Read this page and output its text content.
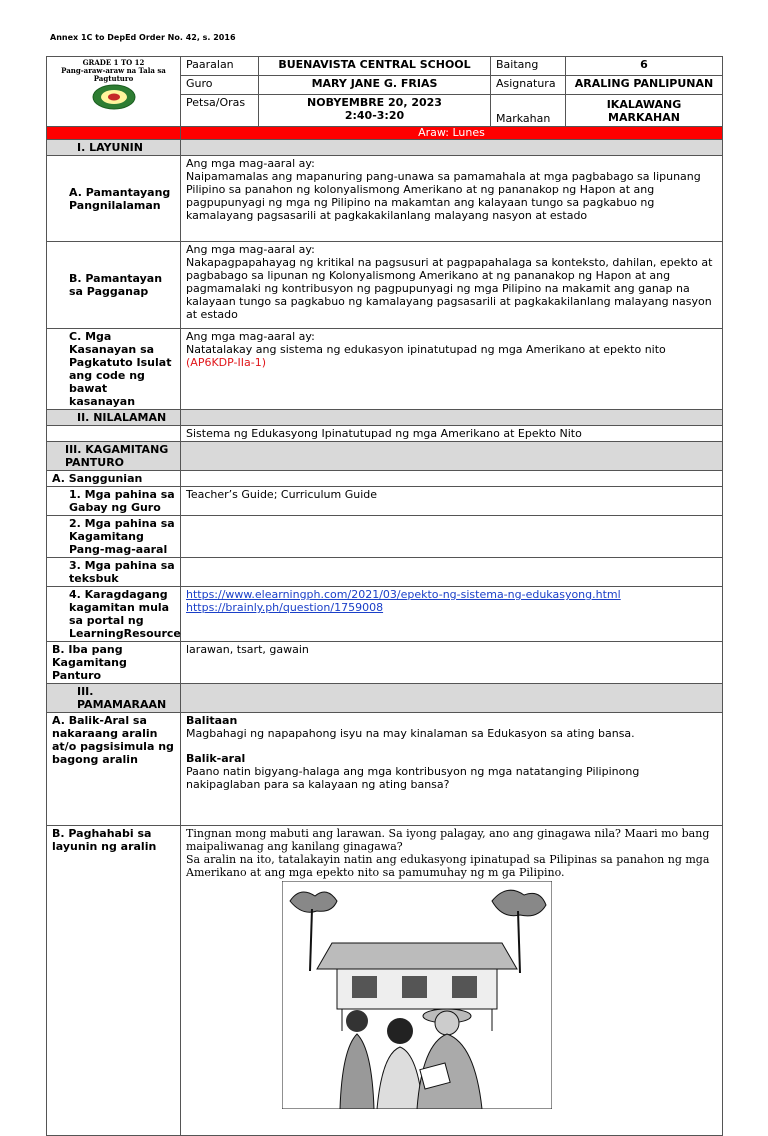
Annex 1C to DepEd Order No. 42, s. 2016
GRADE 1 TO 12
Pang-araw-araw na Tala sa
Pagtuturo	Paaralan	BUENAVISTA CENTRAL SCHOOL	Baitang	6
	Guro	MARY JANE G. FRIAS	Asignatura	ARALING PANLIPUNAN
	Petsa/Oras	NOBYEMBRE 20, 2023
2:40-3:20	Markahan	IKALAWANG MARKAHAN
	Araw: Lunes			
I. LAYUNIN				
A. Pamantayang Pangnilalaman	Ang mga mag-aaral ay:
Naipamamalas ang mapanuring pang-unawa sa pamamahala at mga pagbabago sa lipunang Pilipino sa panahon ng kolonyalismong Amerikano at ng pananakop ng Hapon at ang pagpupunyagi ng mga ng Pilipino na makamtan ang kalayaan tungo sa pagkabuo ng kamalayang pagsasarili at pagkakakilanlang malayang nasyon at estado			

B. Pamantayan sa Pagganap	Ang mga mag-aaral ay:
Nakapagpapahayag ng kritikal na pagsusuri at pagpapahalaga sa konteksto, dahilan, epekto at pagbabago sa lipunan ng Kolonyalismong Amerikano at ng pananakop ng Hapon at ang pagmamalaki ng kontribusyon ng pagpupunyagi ng mga Pilipino na makamit ang ganap na kalayaan tungo sa pagkabuo ng kamalayang pagsasarili at pagkakakilanlang malayang nasyon at estado			

C. Mga Kasanayan sa Pagkatuto Isulat ang code ng bawat kasanayan	Ang mga mag-aaral ay:
Natatalakay ang sistema ng edukasyon ipinatutupad ng mga Amerikano at epekto nito (AP6KDP-IIa-1)			
II. NILALAMAN				
	Sistema ng Edukasyong Ipinatutupad ng mga Amerikano at Epekto Nito			
III. KAGAMITANG PANTURO				
A. Sanggunian				
1. Mga pahina sa Gabay ng Guro	Teacher’s Guide; Curriculum Guide			
2. Mga pahina sa Kagamitang Pang-mag-aaral				
3. Mga pahina sa teksbuk				
4. Karagdagang kagamitan mula sa portal ng LearningResource	https://www.elearningph.com/2021/03/epekto-ng-sistema-ng-edukasyong.html
https://brainly.ph/question/1759008			

B. Iba pang Kagamitang Panturo	larawan, tsart, gawain			
III. PAMAMARAAN				
A. Balik-Aral sa nakaraang aralin at/o pagsisimula ng bagong aralin	Balitaan
Magbahagi ng napapahong isyu na may kinalaman sa Edukasyon sa ating bansa.
Balik-aral
Paano natin bigyang-halaga ang mga kontribusyon ng mga natatanging Pilipinong nakipaglaban para sa kalayaan ng ating bansa?			

B. Paghahabi sa layunin ng aralin	Tingnan mong mabuti ang larawan. Sa iyong palagay, ano ang ginagawa nila? Maari mo bang maipaliwanag ang kanilang ginagawa?
Sa aralin na ito, tatalakayin natin ang edukasyong ipinatupad sa Pilipinas sa panahon ng mga Amerikano at ang mga epekto nito sa pamumuhay ng m ga Pilipino.			
